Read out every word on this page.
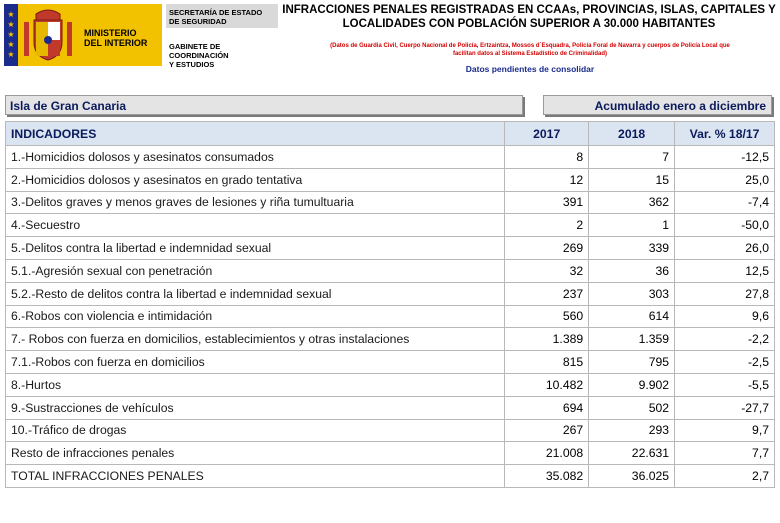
★
★
★
★
★
MINISTERIO
DEL INTERIOR
SECRETARÍA DE ESTADO
DE SEGURIDAD
GABINETE DE COORDINACIÓN
Y ESTUDIOS
INFRACCIONES PENALES REGISTRADAS EN CCAAs, PROVINCIAS, ISLAS, CAPITALES Y
LOCALIDADES CON POBLACIÓN SUPERIOR A 30.000 HABITANTES
(Datos de Guardia Civil, Cuerpo Nacional de Policía, Ertzaintza, Mossos d´Esquadra, Policía Foral de Navarra y cuerpos de Policía Local que
facilitan datos al Sistema Estadístico de Criminalidad)
Datos pendientes de consolidar
Isla de Gran Canaria	Acumulado enero a diciembre
INDICADORES	2017	2018	Var. % 18/17
1.-Homicidios dolosos y asesinatos consumados	8	7	-12,5
2.-Homicidios dolosos y asesinatos en grado tentativa	12	15	25,0
3.-Delitos graves y menos graves de lesiones y riña tumultuaria	391	362	-7,4
4.-Secuestro	2	1	-50,0
5.-Delitos contra la libertad e indemnidad sexual	269	339	26,0
5.1.-Agresión sexual con penetración	32	36	12,5
5.2.-Resto de delitos contra la libertad e indemnidad sexual	237	303	27,8
6.-Robos con violencia e intimidación	560	614	9,6
7.- Robos con fuerza en domicilios, establecimientos y otras instalaciones	1.389	1.359	-2,2
7.1.-Robos con fuerza en domicilios	815	795	-2,5
8.-Hurtos	10.482	9.902	-5,5
9.-Sustracciones de vehículos	694	502	-27,7
10.-Tráfico de drogas	267	293	9,7
Resto de infracciones penales	21.008	22.631	7,7
TOTAL INFRACCIONES PENALES	35.082	36.025	2,7
